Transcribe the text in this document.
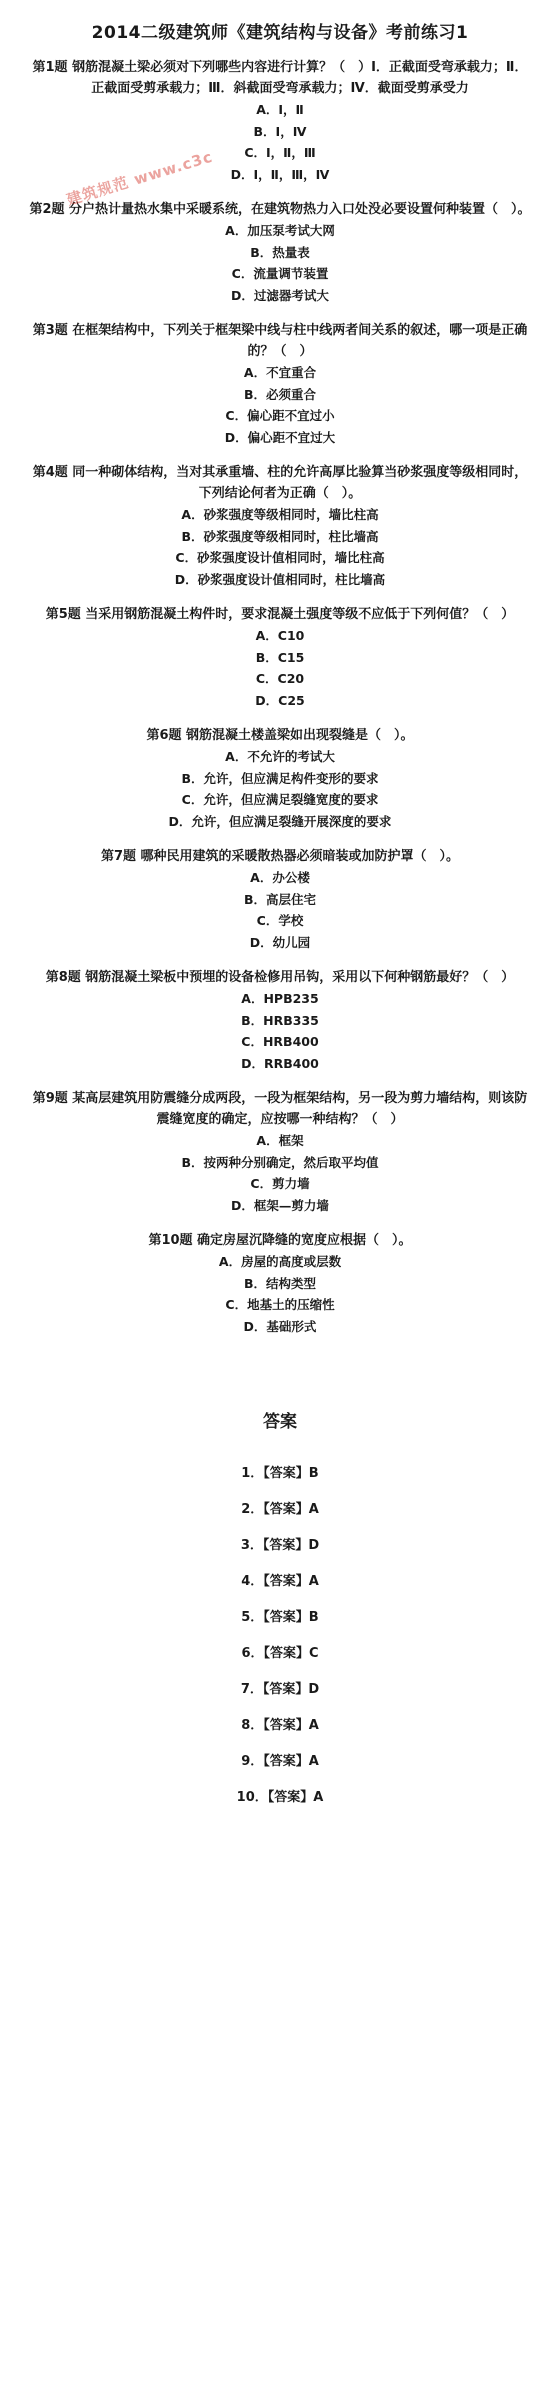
2014二级建筑师《建筑结构与设备》考前练习1
第1题 钢筋混凝土梁必须对下列哪些内容进行计算？（　）Ⅰ．正截面受弯承载力；Ⅱ．正截面受剪承载力；Ⅲ．斜截面受弯承载力；Ⅳ．截面受剪承受力
A．Ⅰ，Ⅱ
B．Ⅰ，Ⅳ
C．Ⅰ，Ⅱ，Ⅲ
D．Ⅰ，Ⅱ，Ⅲ，Ⅳ
第2题 分户热计量热水集中采暖系统，在建筑物热力入口处没必要设置何种装置（　）。
A．加压泵考试大网
B．热量表
C．流量调节装置
D．过滤器考试大
第3题 在框架结构中，下列关于框架梁中线与柱中线两者间关系的叙述，哪一项是正确的？（　）
A．不宜重合
B．必须重合
C．偏心距不宜过小
D．偏心距不宜过大
第4题 同一种砌体结构，当对其承重墙、柱的允许高厚比验算当砂浆强度等级相同时，下列结论何者为正确（　）。
A．砂浆强度等级相同时，墙比柱高
B．砂浆强度等级相同时，柱比墙高
C．砂浆强度设计值相同时，墙比柱高
D．砂浆强度设计值相同时，柱比墙高
第5题 当采用钢筋混凝土构件时，要求混凝土强度等级不应低于下列何值？（　）
A．C10
B．C15
C．C20
D．C25
第6题 钢筋混凝土楼盖梁如出现裂缝是（　）。
A．不允许的考试大
B．允许，但应满足构件变形的要求
C．允许，但应满足裂缝宽度的要求
D．允许，但应满足裂缝开展深度的要求
第7题 哪种民用建筑的采暖散热器必须暗装或加防护罩（　）。
A．办公楼
B．高层住宅
C．学校
D．幼儿园
第8题 钢筋混凝土梁板中预埋的设备检修用吊钩，采用以下何种钢筋最好？（　）
A．HPB235
B．HRB335
C．HRB400
D．RRB400
第9题 某高层建筑用防震缝分成两段，一段为框架结构，另一段为剪力墙结构，则该防震缝宽度的确定，应按哪一种结构？（　）
A．框架
B．按两种分别确定，然后取平均值
C．剪力墙
D．框架—剪力墙
第10题 确定房屋沉降缝的宽度应根据（　）。
A．房屋的高度或层数
B．结构类型
C．地基土的压缩性
D．基础形式
答案
1．【答案】B
2．【答案】A
3．【答案】D
4．【答案】A
5．【答案】B
6．【答案】C
7．【答案】D
8．【答案】A
9．【答案】A
10．【答案】A
建筑规范 www.c3c
